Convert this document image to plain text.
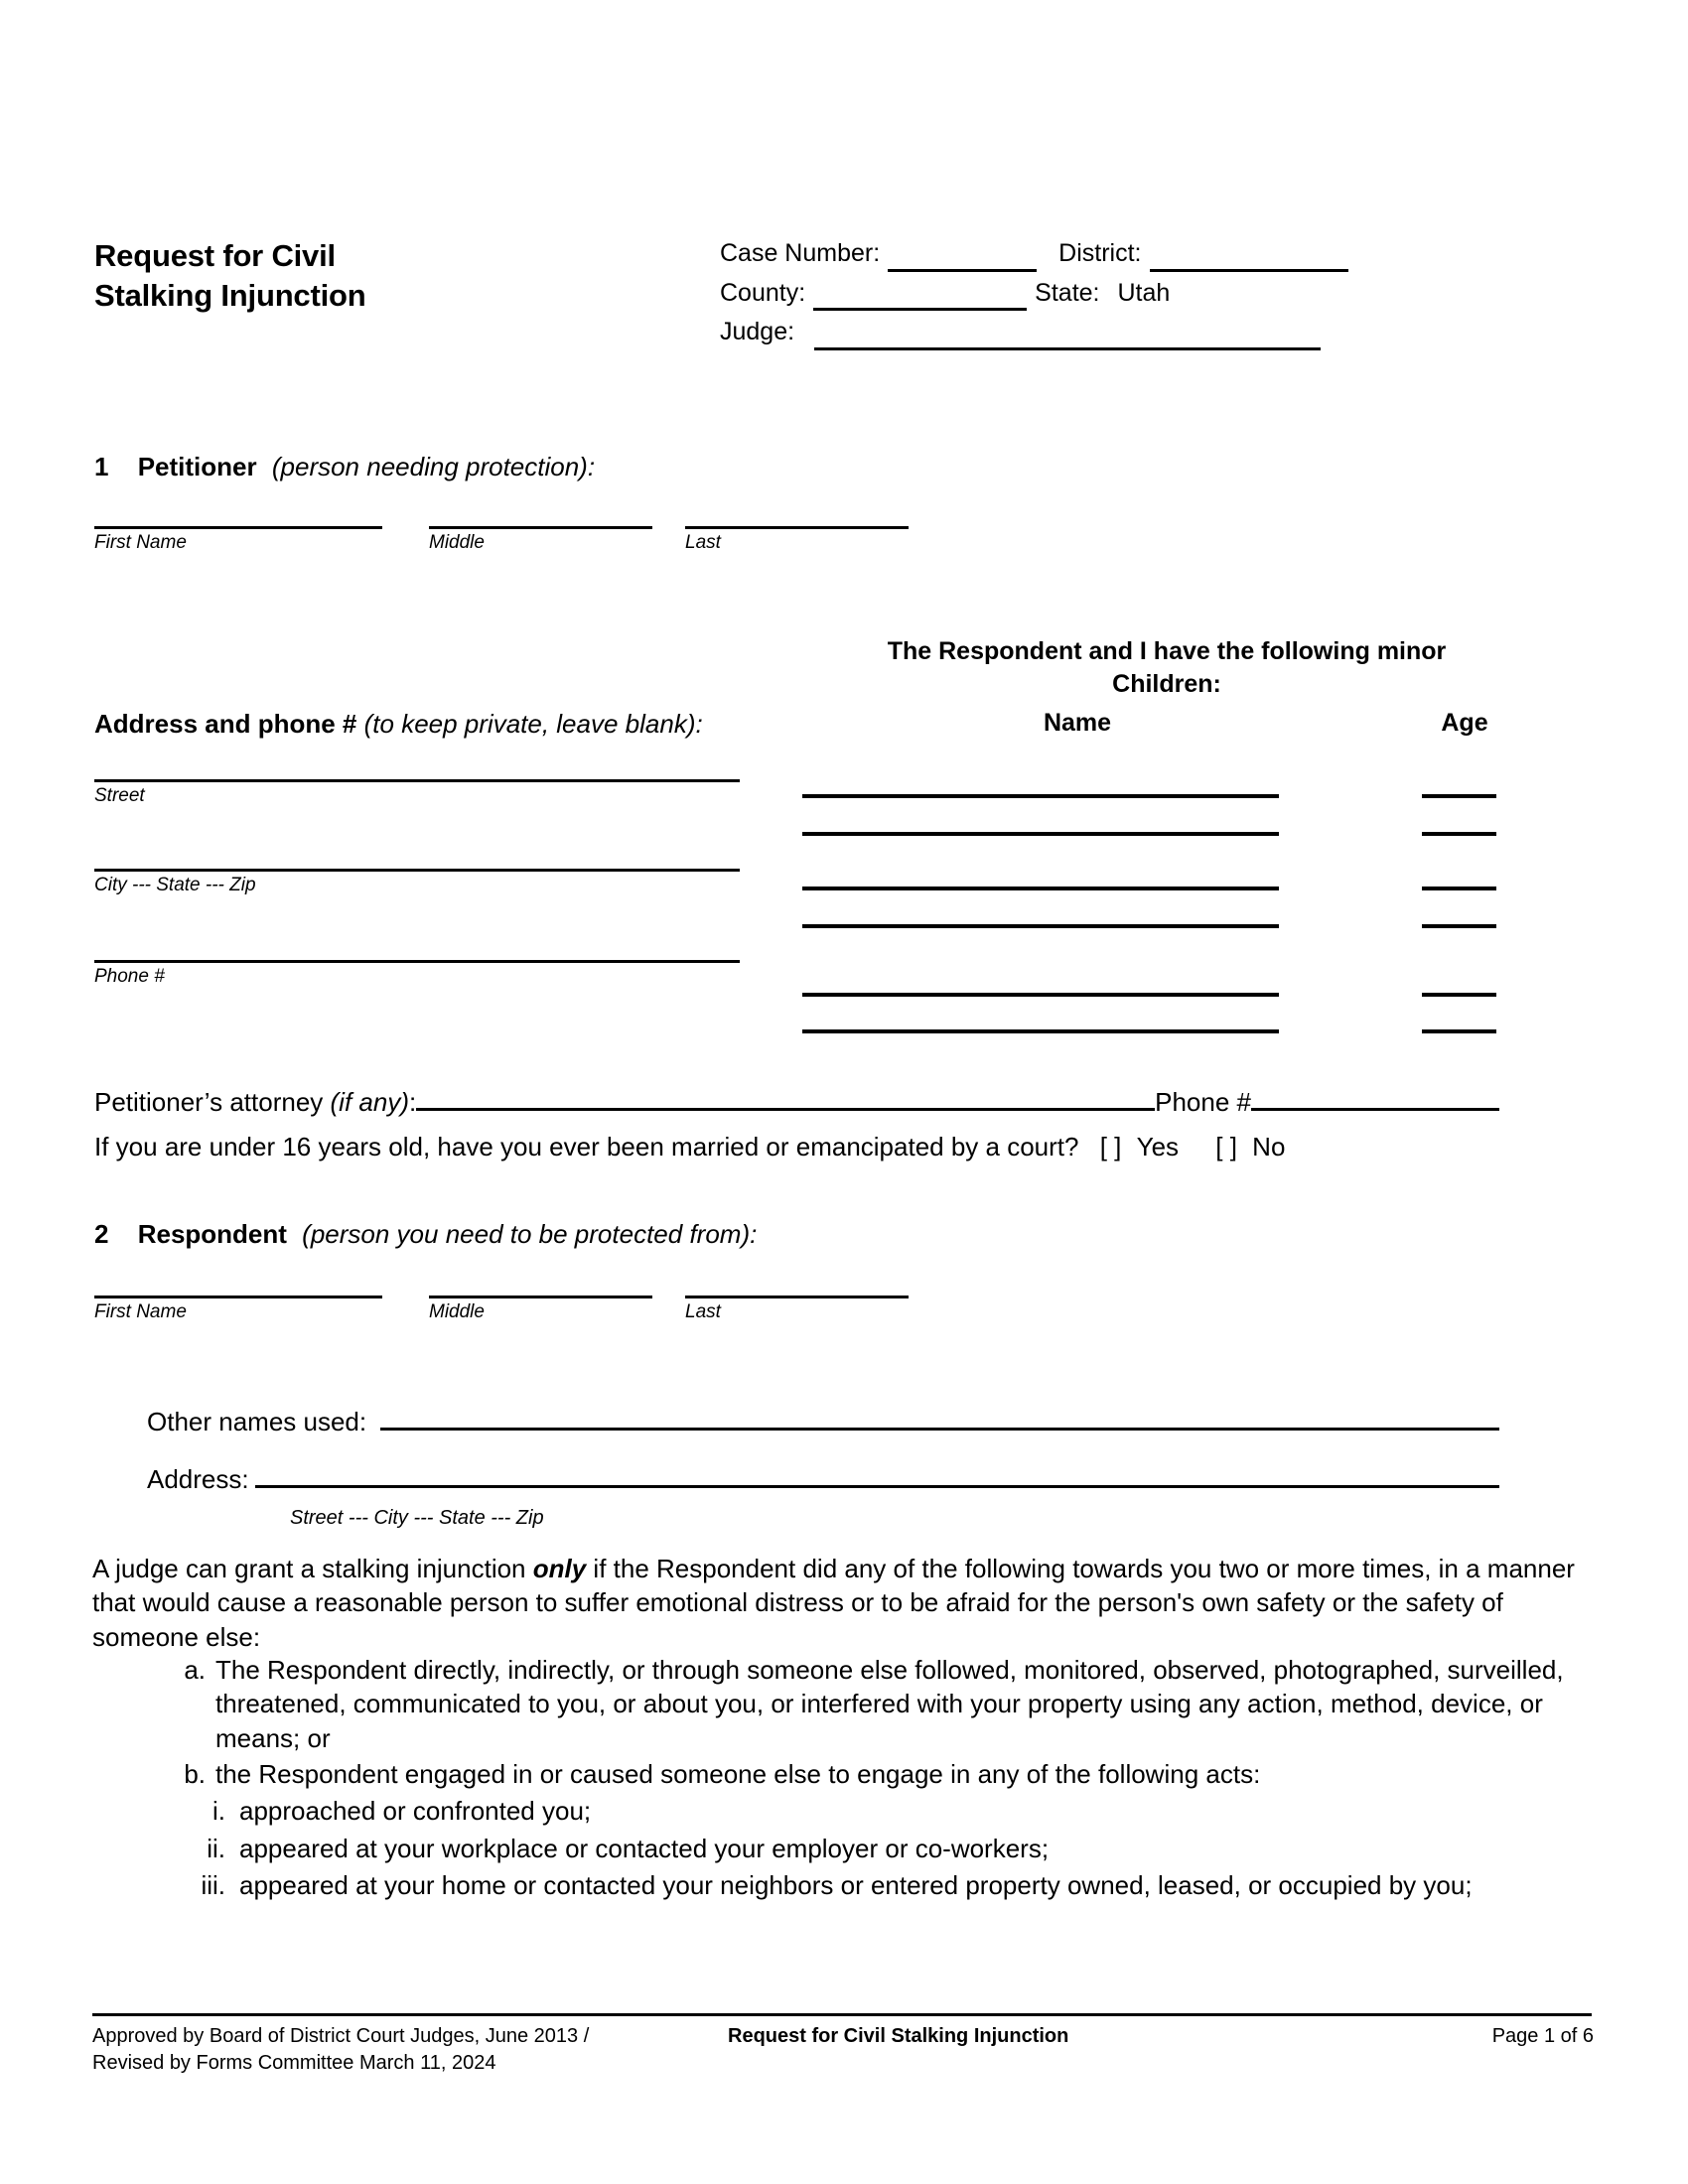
Request for Civil
Stalking Injunction
Case Number:	District:
County:	State: Utah
Judge:
1 Petitioner (person needing protection):
First Name	Middle	Last
The Respondent and I have the following minor Children:
Name	Age
Address and phone # (to keep private, leave blank):
Street
City --- State --- Zip
Phone #
Petitioner’s attorney
(if any) :	Phone #
If you are under 16 years old, have you ever been married or emancipated by a court? [ ] Yes [ ] No
2 Respondent (person you need to be protected from):
First Name	Middle	Last
Other names used:
Address :
Street --- City --- State --- Zip
A judge can grant a stalking injunction only if the Respondent did any of the following towards you two or more times, in a manner that would cause a reasonable person to suffer emotional distress or to be afraid for the person's own safety or the safety of someone else:
a. The Respondent directly, indirectly, or through someone else followed, monitored, observed, photographed, surveilled, threatened, communicated to you, or about you, or interfered with your property using any action, method, device, or means; or
b. the Respondent engaged in or caused someone else to engage in any of the following acts:
i. approached or confronted you;
ii. appeared at your workplace or contacted your employer or co-workers;
iii. appeared at your home or contacted your neighbors or entered property owned, leased, or occupied by you;
Approved by Board of District Court Judges, June 2013 /
Revised by Forms Committee March 11, 2024
Request for Civil Stalking Injunction	Page 1 of 6
